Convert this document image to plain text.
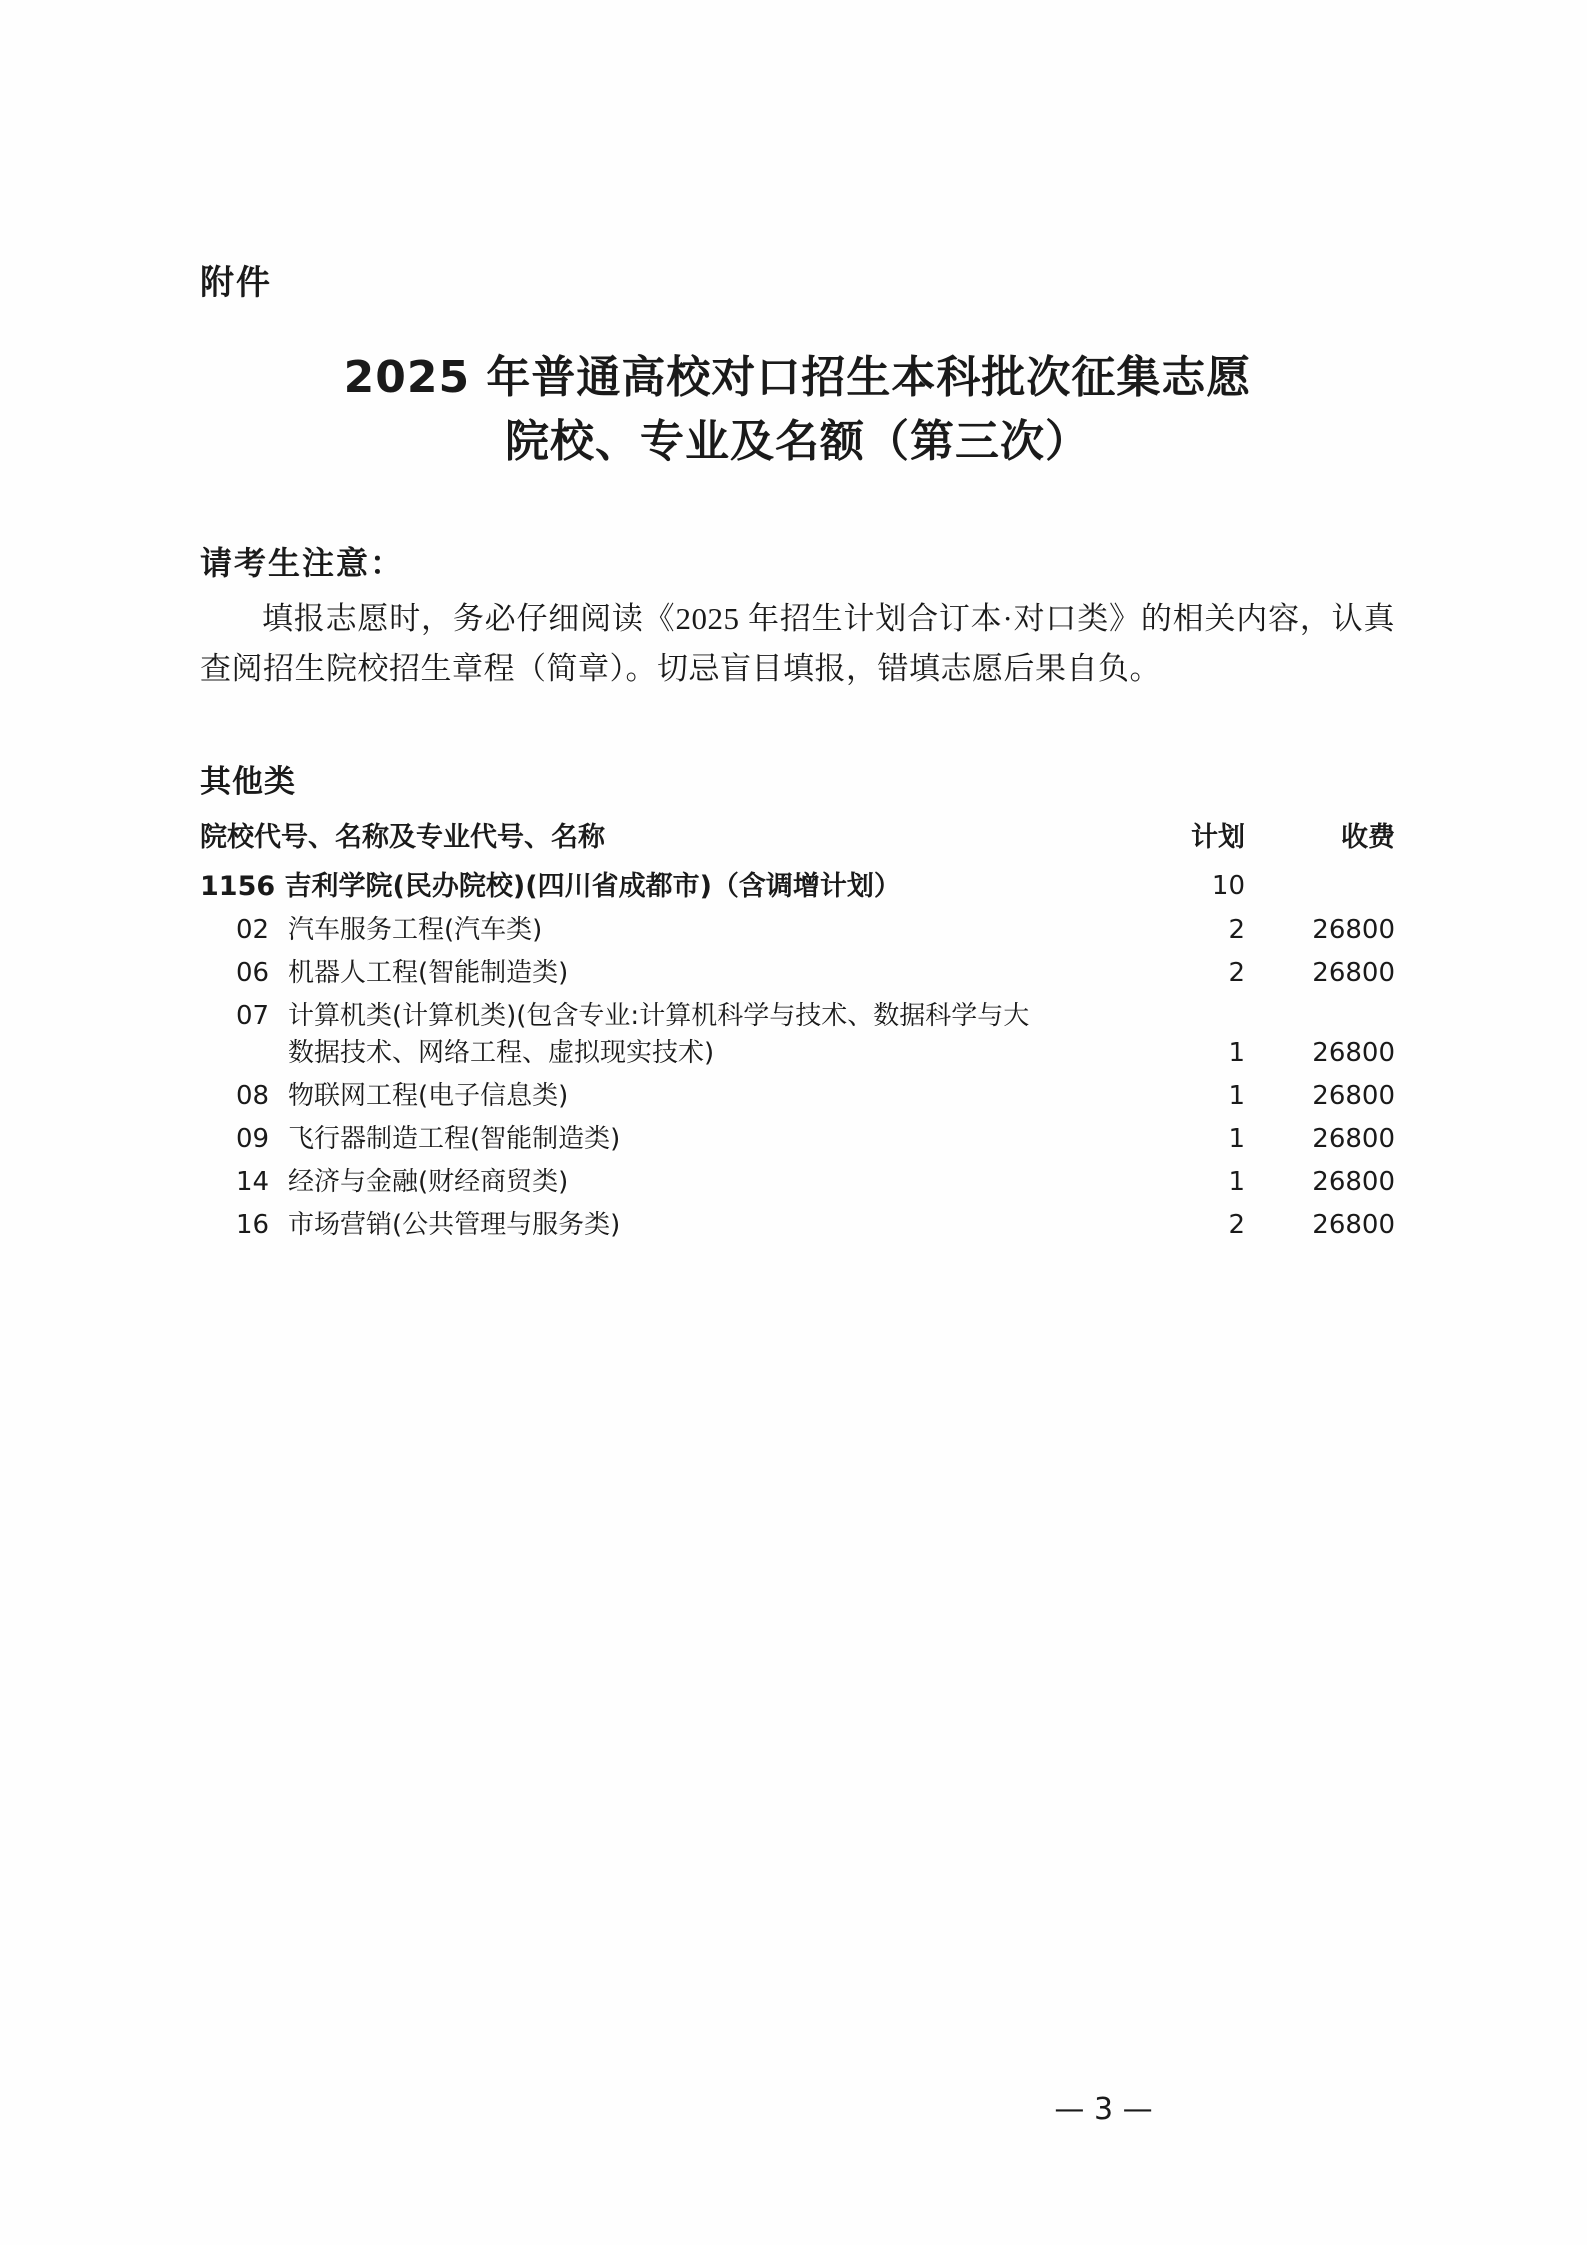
附件
2025 年普通高校对口招生本科批次征集志愿
院校、专业及名额（第三次）
请考生注意：

填报志愿时，务必仔细阅读《2025 年招生计划合订本·对口类》的相关内容，认真查阅招生院校招生章程（简章）。切忌盲目填报，错填志愿后果自负。

其他类
院校代号、名称及专业代号、名称	计划	收费
1156 吉利学院(民办院校)(四川省成都市)（含调增计划）	10	
02 汽车服务工程(汽车类)	2	26800
06 机器人工程(智能制造类)	2	26800
07 计算机类(计算机类)(包含专业:计算机科学与技术、数据科学与大
数据技术、网络工程、虚拟现实技术)	1	26800
08 物联网工程(电子信息类)	1	26800
09 飞行器制造工程(智能制造类)	1	26800
14 经济与金融(财经商贸类)	1	26800
16 市场营销(公共管理与服务类)	2	26800
— 3 —
